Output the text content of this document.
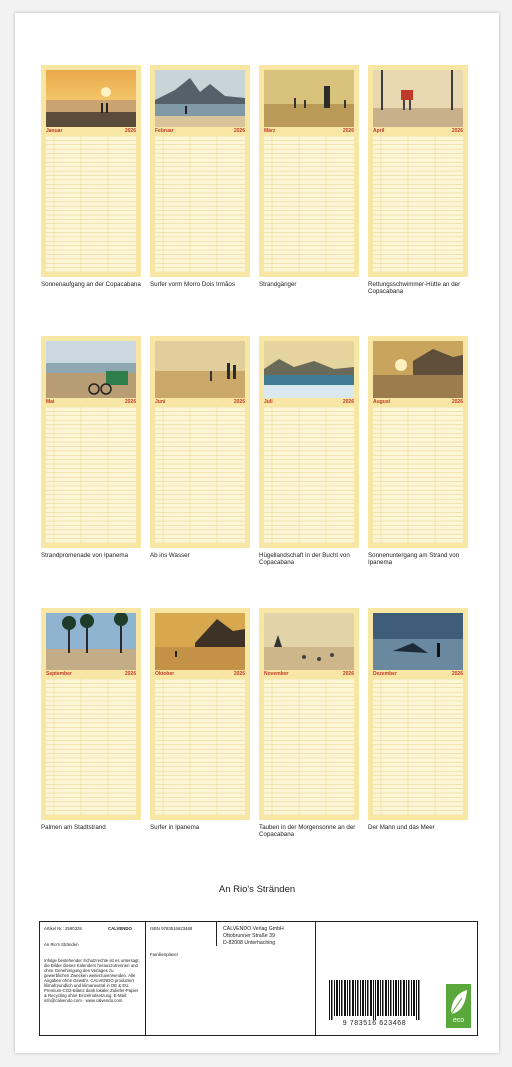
Januar	2026
Sonnenaufgang an der Copacabana
Februar	2026
Surfer vorm Morro Dois Irmãos
März	2026
Strandgänger
April	2026
Rettungsschwimmer-Hütte an der Copacabana
Mai	2026
Strandpromenade von Ipanema
Juni	2026
Ab ins Wasser
Juli	2026
Hügellandschaft in der Bucht von Copacabana
August	2026
Sonnenuntergang am Strand von Ipanema
September	2026
Palmen am Stadtstrand
Oktober	2026
Surfer in Ipanema
November	2026
Tauben in der Morgensonne an der Copacabana
Dezember	2026
Der Mann und das Meer
An Rio's Stränden
Artikel Nr.: 2590328	CALVENDO
An Rio's Stränden
Infolge bestehender Schutzrechte ist es untersagt, die Bilder dieses Kalenders herauszutrennen und ohne Genehmigung des Verlages zu gewerblichen Zwecken weiterzuverwenden. Alle Angaben ohne Gewähr. CALVENDO produziert klimafreundlich und klimaneutral in DE & EU. Premium-CO2-Bilanz dank lokaler Zuliefer-Papier & Recycling ohne Einzelnotsetzung. E-Mail: info@calvendo.com · www.calvendo.com
ISBN 9783516623468
Familienplaner
CALVENDO Verlag GmbH
Ottobrunner Straße 39
D-82008 Unterhaching
9 783516 623468	eco
